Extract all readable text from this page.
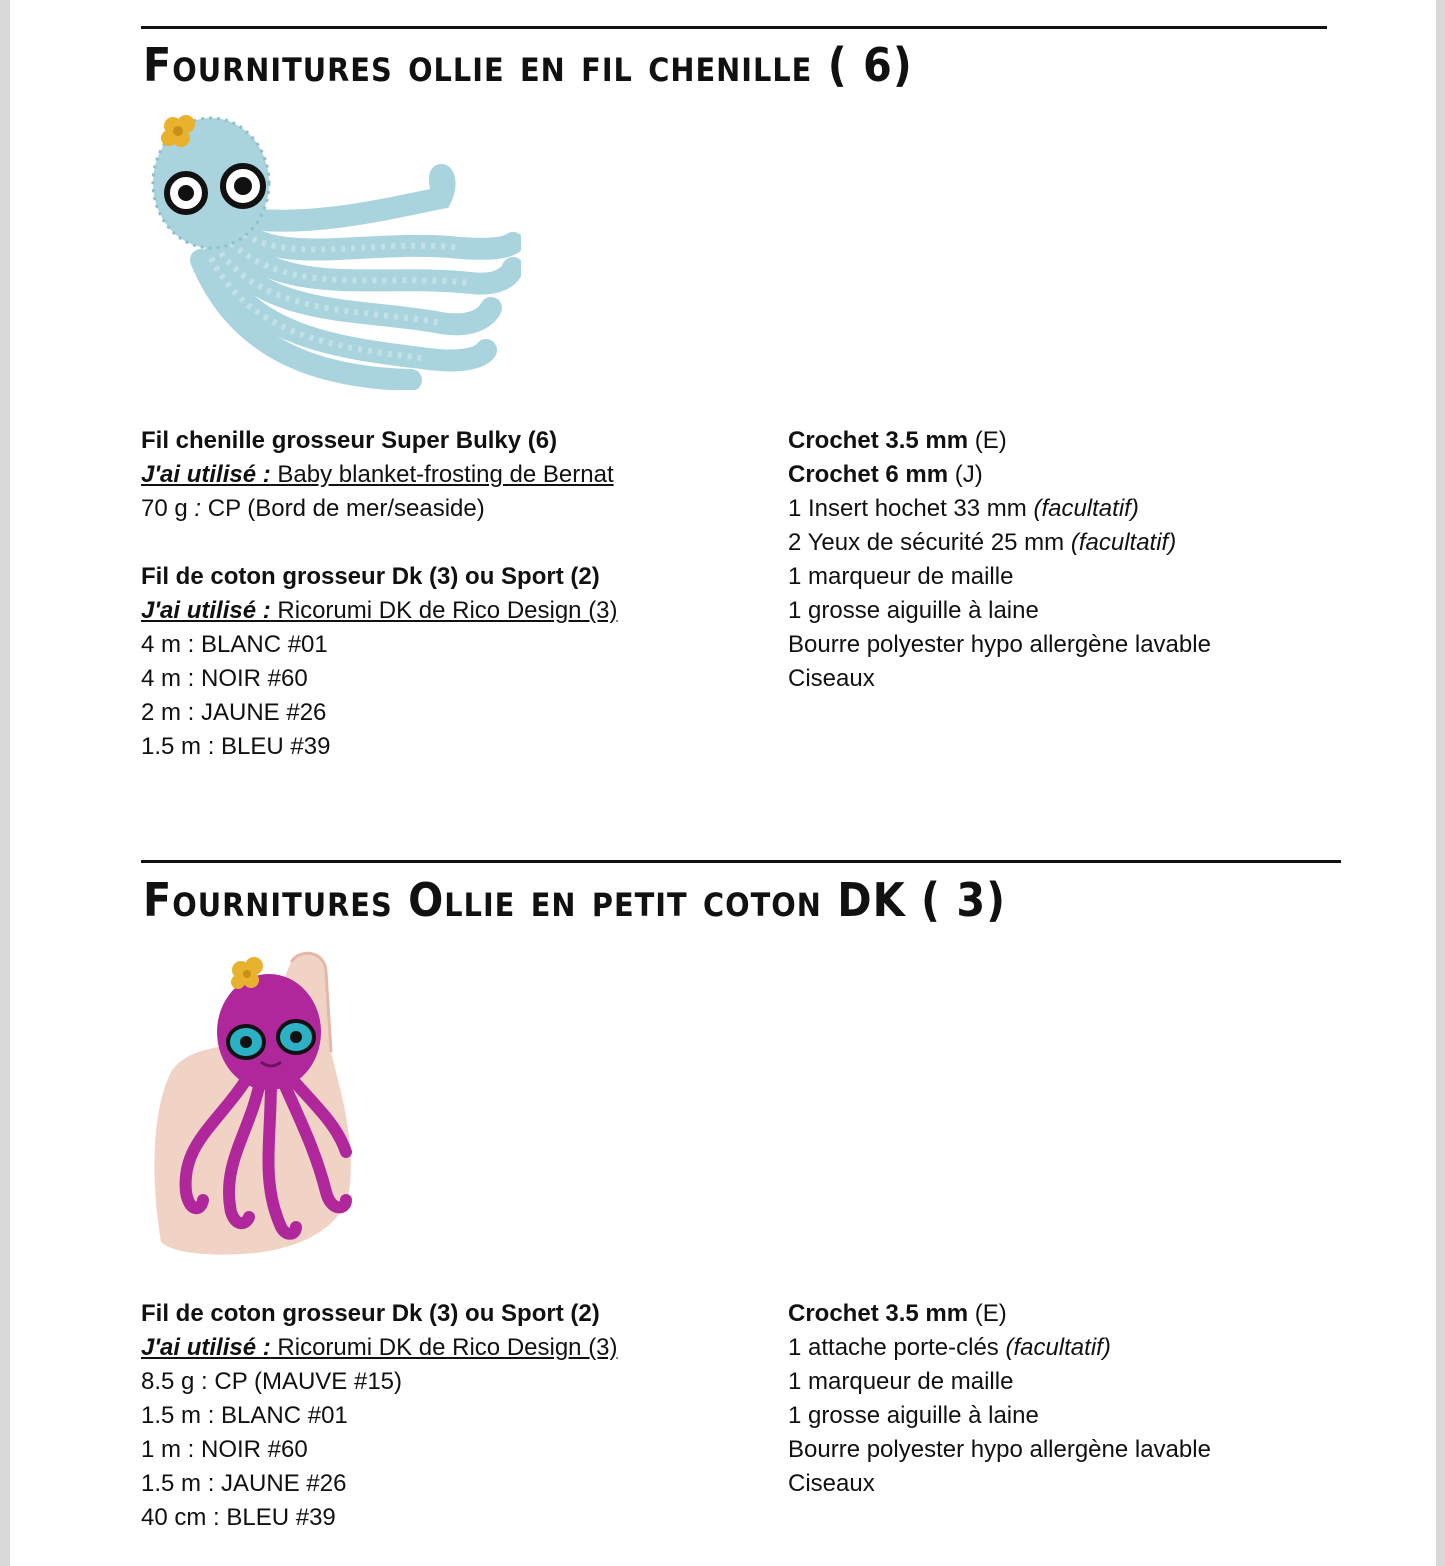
Fournitures ollie en fil chenille ( 6)
Fil chenille grosseur Super Bulky (6)
J'ai utilisé : Baby blanket-frosting de Bernat
70 g : CP (Bord de mer/seaside)
Fil de coton grosseur Dk (3) ou Sport (2)
J'ai utilisé : Ricorumi DK de Rico Design (3)
4 m : BLANC #01
4 m : NOIR #60
2 m : JAUNE #26
1.5 m : BLEU #39
Crochet 3.5 mm (E)
Crochet 6 mm (J)
1 Insert hochet 33 mm (facultatif)
2 Yeux de sécurité 25 mm (facultatif)
1 marqueur de maille
1 grosse aiguille à laine
Bourre polyester hypo allergène lavable
Ciseaux
Fournitures Ollie en petit coton DK ( 3)
Fil de coton grosseur Dk (3) ou Sport (2)
J'ai utilisé : Ricorumi DK de Rico Design (3)
8.5 g : CP (MAUVE #15)
1.5 m : BLANC #01
1 m : NOIR #60
1.5 m : JAUNE #26
40 cm : BLEU #39
Crochet 3.5 mm (E)
1 attache porte-clés (facultatif)
1 marqueur de maille
1 grosse aiguille à laine
Bourre polyester hypo allergène lavable
Ciseaux
